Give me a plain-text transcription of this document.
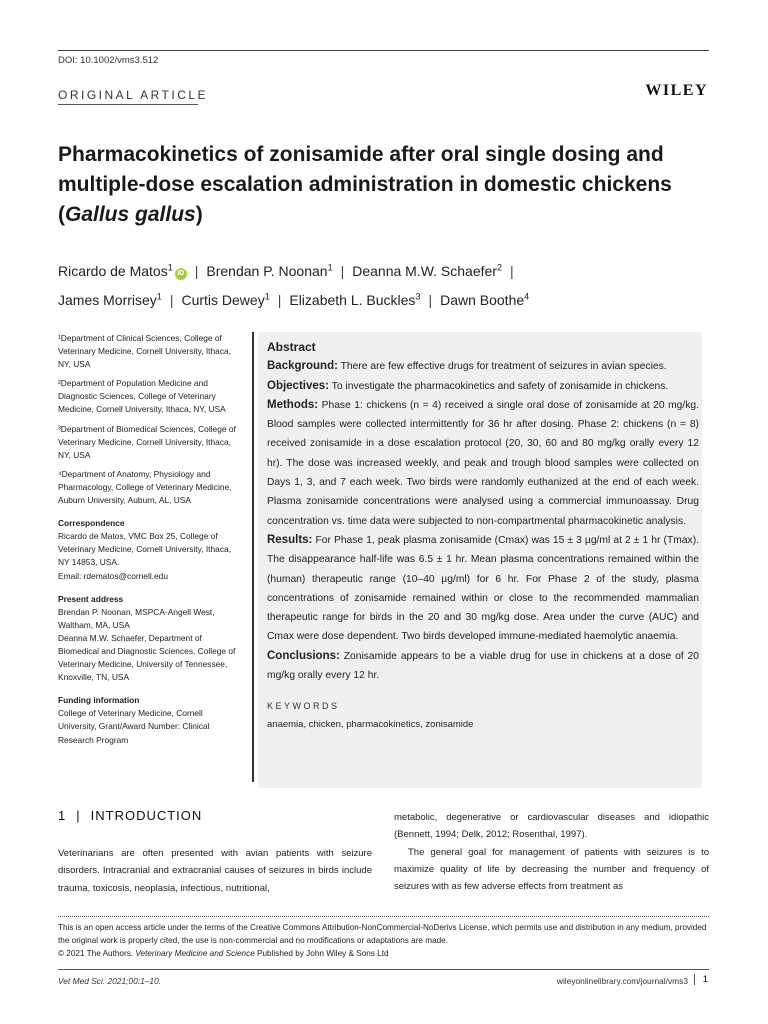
DOI: 10.1002/vms3.512
ORIGINAL ARTICLE	WILEY
Pharmacokinetics of zonisamide after oral single dosing and multiple-dose escalation administration in domestic chickens (Gallus gallus)
Ricardo de Matos$^1$iD | Brendan P. Noonan$^1$ | Deanna M.W. Schaefer$^2$ |
James Morrisey$^1$ | Curtis Dewey$^1$ | Elizabeth L. Buckles$^3$ | Dawn Boothe$^4$

¹Department of Clinical Sciences, College of Veterinary Medicine, Cornell University, Ithaca, NY, USA

²Department of Population Medicine and Diagnostic Sciences, College of Veterinary Medicine, Cornell University, Ithaca, NY, USA

³Department of Biomedical Sciences, College of Veterinary Medicine, Cornell University, Ithaca, NY, USA

⁴Department of Anatomy, Physiology and Pharmacology, College of Veterinary Medicine, Auburn University, Auburn, AL, USA

Correspondence

Ricardo de Matos, VMC Box 25, College of Veterinary Medicine, Cornell University, Ithaca, NY 14853, USA.

Email: rdematos@cornell.edu

Present address

Brendan P. Noonan, MSPCA-Angell West, Waltham, MA, USA

Deanna M.W. Schaefer, Department of Biomedical and Diagnostic Sciences, College of Veterinary Medicine, University of Tennessee, Knoxville, TN, USA

Funding information

College of Veterinary Medicine, Cornell University, Grant/Award Number: Clinical Research Program

Abstract

Background: There are few effective drugs for treatment of seizures in avian species.

Objectives: To investigate the pharmacokinetics and safety of zonisamide in chickens.

Methods: Phase 1: chickens (n = 4) received a single oral dose of zonisamide at 20 mg/kg. Blood samples were collected intermittently for 36 hr after dosing. Phase 2: chickens (n = 8) received zonisamide in a dose escalation protocol (20, 30, 60 and 80 mg/kg orally every 12 hr). The dose was increased weekly, and peak and trough blood samples were collected on Days 1, 3, and 7 each week. Two birds were randomly euthanized at the end of each week. Plasma zonisamide concentrations were analysed using a commercial immunoassay. Drug concentration vs. time data were subjected to non-compartmental pharmacokinetic analysis.

Results: For Phase 1, peak plasma zonisamide (Cmax) was 15 ± 3 µg/ml at 2 ± 1 hr (Tmax). The disappearance half-life was 6.5 ± 1 hr. Mean plasma concentrations remained within the (human) therapeutic range (10–40 µg/ml) for 6 hr. For Phase 2 of the study, plasma concentrations of zonisamide remained within or close to the recommended mammalian therapeutic range for birds in the 20 and 30 mg/kg dose. Area under the curve (AUC) and Cmax were dose dependent. Two birds developed immune-mediated haemolytic anaemia.

Conclusions: Zonisamide appears to be a viable drug for use in chickens at a dose of 20 mg/kg orally every 12 hr.

KEYWORDS

anaemia, chicken, pharmacokinetics, zonisamide

1 | INTRODUCTION

Veterinarians are often presented with avian patients with seizure disorders. Intracranial and extracranial causes of seizures in birds include trauma, toxicosis, neoplasia, infectious, nutritional,

metabolic, degenerative or cardiovascular diseases and idiopathic (Bennett, 1994; Delk, 2012; Rosenthal, 1997).

The general goal for management of patients with seizures is to maximize quality of life by decreasing the number and frequency of seizures with as few adverse effects from treatment as

This is an open access article under the terms of the Creative Commons Attribution-NonCommercial-NoDerivs License, which permits use and distribution in any medium, provided the original work is properly cited, the use is non-commercial and no modifications or adaptations are made.
© 2021 The Authors. Veterinary Medicine and Science Published by John Wiley & Sons Ltd
Vet Med Sci. 2021;00:1–10.	wileyonlinelibrary.com/journal/vms3	1
